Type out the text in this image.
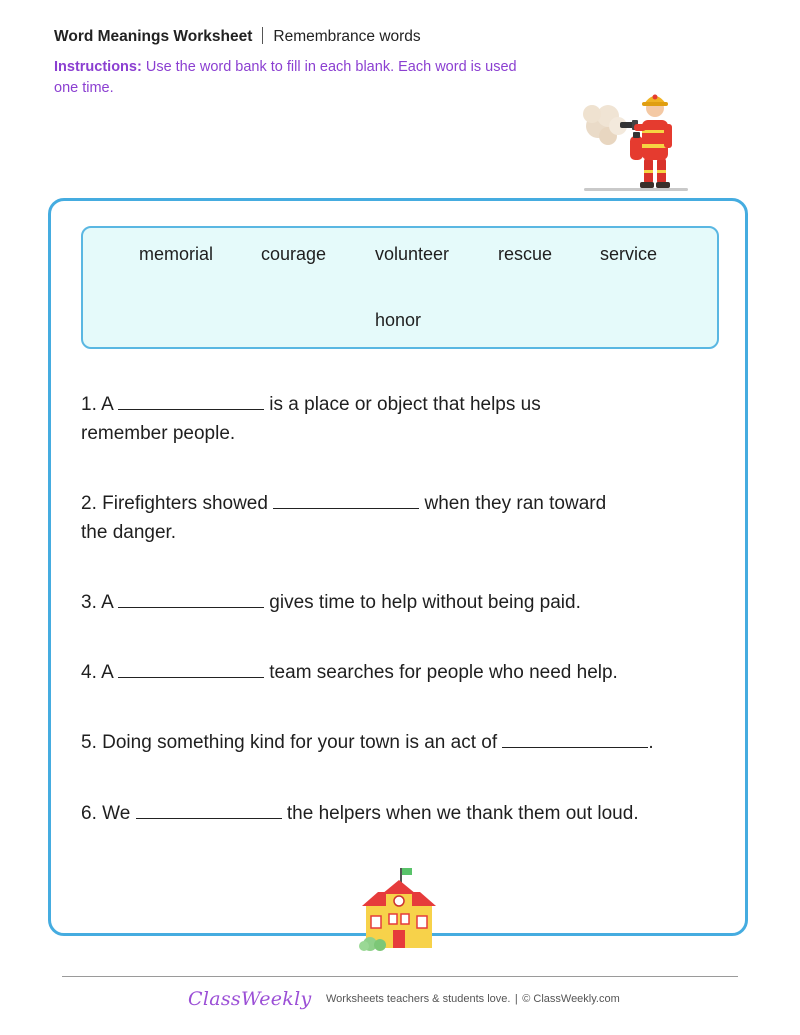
Word Meanings Worksheet Remembrance words
Instructions: Use the word bank to fill in each blank. Each word is used one time.
memorial	courage	volunteer	rescue	service
honor
1. A	is a place or object that helps us
remember people.
2. Firefighters showed	when they ran toward
the danger.
3. A	gives time to help without being paid.
4. A	team searches for people who need help.
5. Doing something kind for your town is an act of	.
6. We	the helpers when we thank them out loud.
ClassWeekly Worksheets teachers & students love. | © ClassWeekly.com
